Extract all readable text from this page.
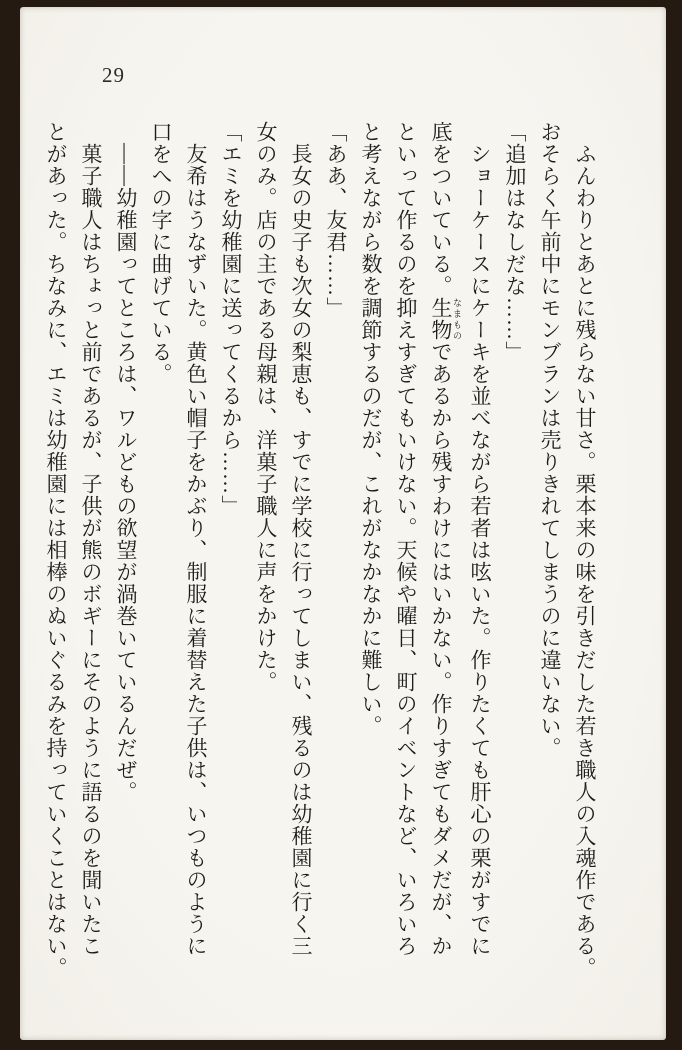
29

　ふんわりとあとに残らない甘さ。栗本来の味を引きだした若き職人の入魂作である。

おそらく午前中にモンブランは売りきれてしまうのに違いない。

「追加はなしだな……」

　ショーケースにケーキを並べながら若者は呟いた。作りたくても肝心の栗がすでに

底をついている。生物 なまものであるから残すわけにはいかない。作りすぎてもダメだが、か

といって作るのを抑えすぎてもいけない。天候や曜日、町のイベントなど、いろいろ

と考えながら数を調節するのだが、これがなかなかに難しい。

「ああ、友君……」

　長女の史子も次女の梨恵も、すでに学校に行ってしまい、残るのは幼稚園に行く三

女のみ。店の主である母親は、洋菓子職人に声をかけた。

「エミを幼稚園に送ってくるから……」

　友希はうなずいた。黄色い帽子をかぶり、制服に着替えた子供は、いつものように

口をへの字に曲げている。

　――幼稚園ってところは、ワルどもの欲望が渦巻いているんだぜ。

　菓子職人はちょっと前であるが、子供が熊のボギーにそのように語るのを聞いたこ

とがあった。ちなみに、エミは幼稚園には相棒のぬいぐるみを持っていくことはない。
